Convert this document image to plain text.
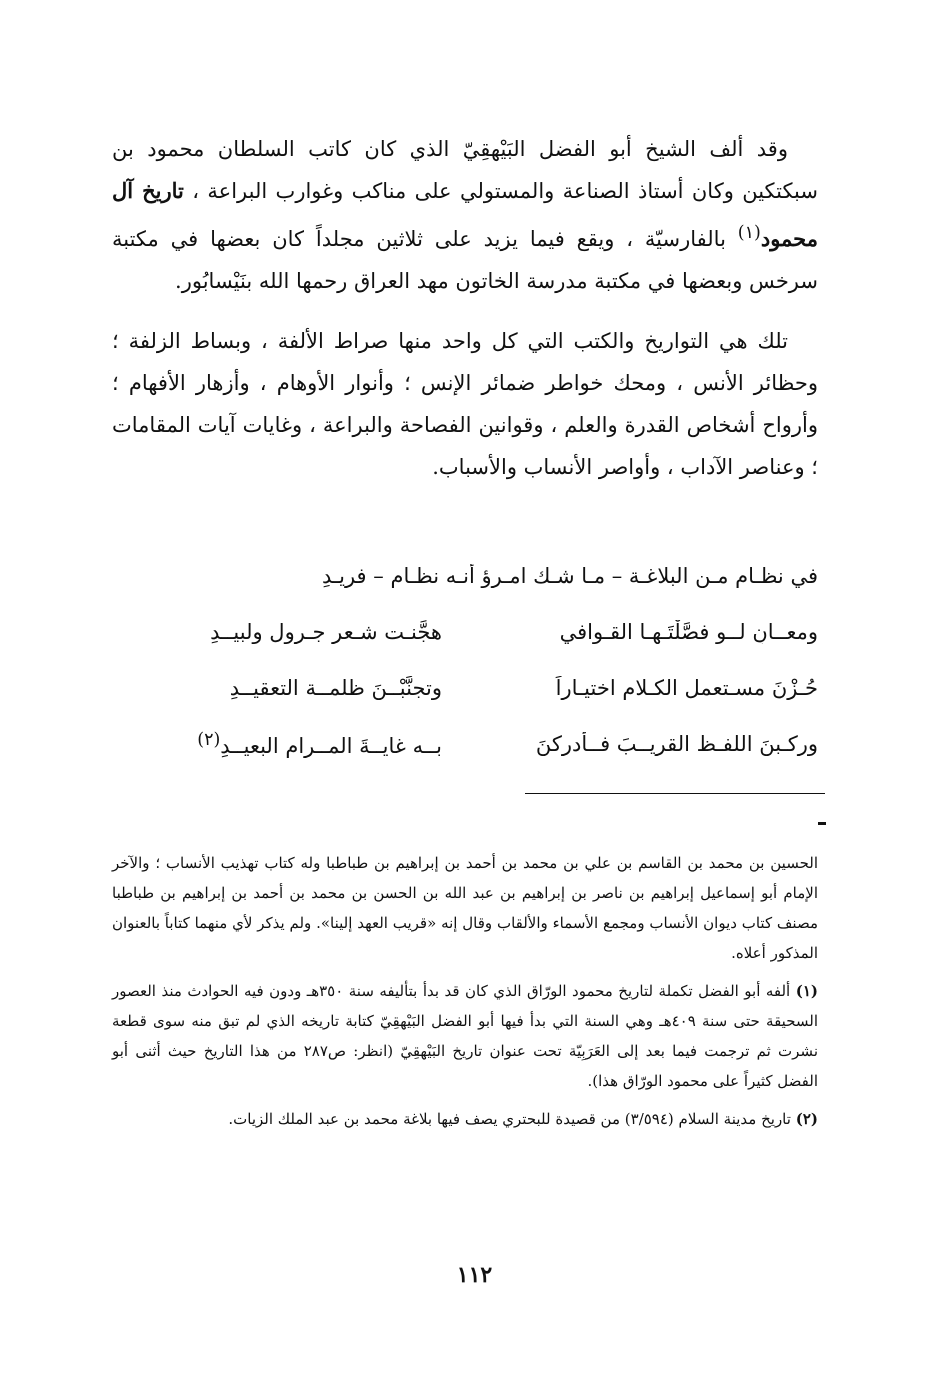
وقد ألف الشيخ أبو الفضل البَيْهقِيّ الذي كان كاتب السلطان محمود بن سبكتكين وكان أستاذ الصناعة والمستولي على مناكب وغوارب البراعة ، تاريخ آل محمود$^{(١)}$ بالفارسيّة ، ويقع فيما يزيد على ثلاثين مجلداً كان بعضها في مكتبة سرخس وبعضها في مكتبة مدرسة الخاتون مهد العراق رحمها الله بنَيْسابُور.

تلك هي التواريخ والكتب التي كل واحد منها صراط الألفة ، وبساط الزلفة ؛ وحظائر الأنس ، ومحك خواطر ضمائر الإنس ؛ وأنوار الأوهام ، وأزهار الأفهام ؛ وأرواح أشخاص القدرة والعلم ، وقوانين الفصاحة والبراعة ، وغايات آيات المقامات ؛ وعناصر الآداب ، وأواصر الأنساب والأسباب.

في نظـام مـن البلاغـة – مـا شـك امـرؤ أنـه نظـام – فريـدِ
ومعــانٍ لــو فصَّلْتَـهـا القـوافي
هجَّنـت شـعر جـرول ولبيــدِ
حُـزْنَ مسـتعمل الكـلام اختيـاراً
وتجنَّبْــنَ ظلمــة التعقيــدِ
وركـبنَ اللفـظ القريــبَ فــأدركنَ
بــه غايــةَ المــرام البعيــدِ$^{(٢)}$

الحسين بن محمد بن القاسم بن علي بن محمد بن أحمد بن إبراهيم بن طباطبا وله كتاب تهذيب الأنساب ؛ والآخر الإمام أبو إسماعيل إبراهيم بن ناصر بن إبراهيم بن عبد الله بن الحسن بن محمد بن أحمد بن إبراهيم بن طباطبا مصنف كتاب ديوان الأنساب ومجمع الأسماء والألقاب وقال إنه «قريب العهد إلينا». ولم يذكر لأي منهما كتاباً بالعنوان المذكور أعلاه.

(١) ألفه أبو الفضل تكملة لتاريخ محمود الورّاق الذي كان قد بدأ بتأليفه سنة ٣٥٠هـ ودون فيه الحوادث منذ العصور السحيقة حتى سنة ٤٠٩هـ وهي السنة التي بدأ فيها أبو الفضل البَيْهقِيّ كتابة تاريخه الذي لم تبق منه سوى قطعة نشرت ثم ترجمت فيما بعد إلى العَرَبِيّة تحت عنوان تاريخ البَيْهقِيّ (انظر: ص٢٨٧ من هذا التاريخ حيث أثنى أبو الفضل كثيراً على محمود الورّاق هذا).

(٢) تاريخ مدينة السلام (٣/٥٩٤) من قصيدة للبحتري يصف فيها بلاغة محمد بن عبد الملك الزيات.

١١٢
